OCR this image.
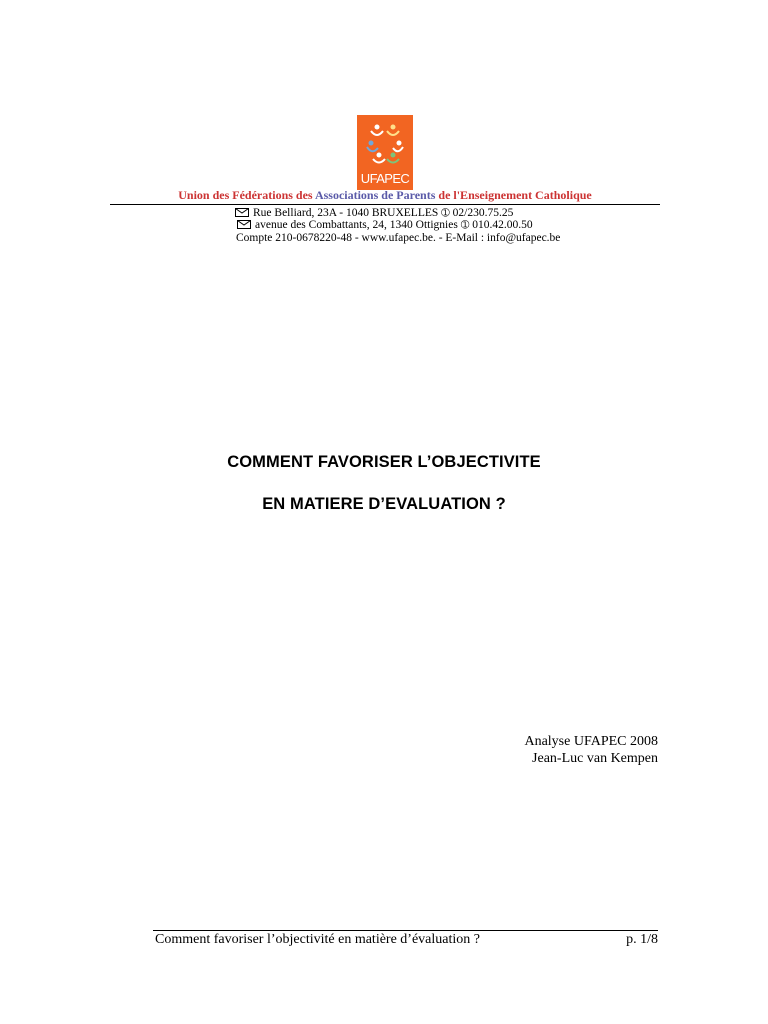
UFAPEC
Union des Fédérations des Associations de Parents de l'Enseignement Catholique
Rue Belliard, 23A - 1040 BRUXELLES ➀ 02/230.75.25
avenue des Combattants, 24, 1340 Ottignies ➀ 010.42.00.50
Compte 210-0678220-48 - www.ufapec.be. - E-Mail : info@ufapec.be
COMMENT FAVORISER L’OBJECTIVITE
EN MATIERE D’EVALUATION ?
Analyse UFAPEC 2008
Jean-Luc van Kempen
Comment favoriser l’objectivité en matière d’évaluation ?	p. 1/8
